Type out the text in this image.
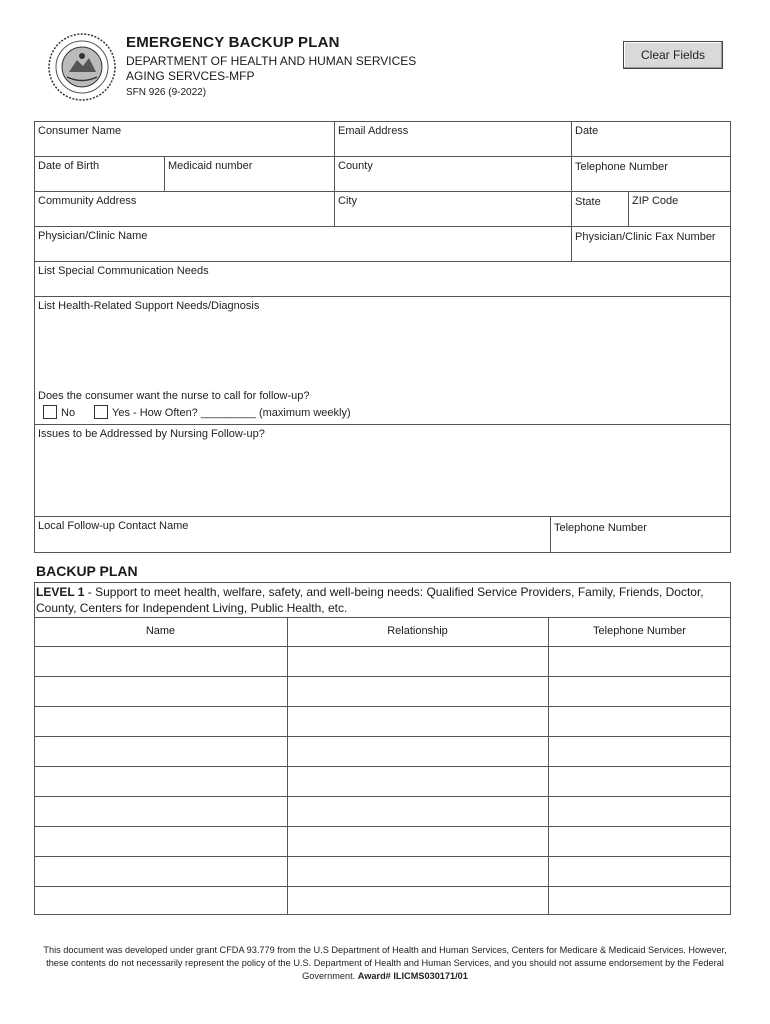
EMERGENCY BACKUP PLAN
DEPARTMENT OF HEALTH AND HUMAN SERVICES
AGING SERVCES-MFP
SFN 926 (9-2022)
Clear Fields
Consumer Name	Email Address	Date
Date of Birth	Medicaid number	County	Telephone Number
Community Address	City	State	ZIP Code
Physician/Clinic Name	Physician/Clinic Fax Number
List Special Communication Needs
List Health-Related Support Needs/Diagnosis
Does the consumer want the nurse to call for follow-up?
No	Yes - How Often? _________ (maximum weekly)
Issues to be Addressed by Nursing Follow-up?
Local Follow-up Contact Name	Telephone Number
BACKUP PLAN
LEVEL 1 - Support to meet health, welfare, safety, and well-being needs: Qualified Service Providers, Family, Friends, Doctor, County, Centers for Independent Living, Public Health, etc.
Name	Relationship	Telephone Number
This document was developed under grant CFDA 93.779 from the U.S Department of Health and Human Services, Centers for Medicare & Medicaid Services. However, these contents do not necessarily represent the policy of the U.S. Department of Health and Human Services, and you should not assume endorsement by the Federal Government. Award# ILICMS030171/01
